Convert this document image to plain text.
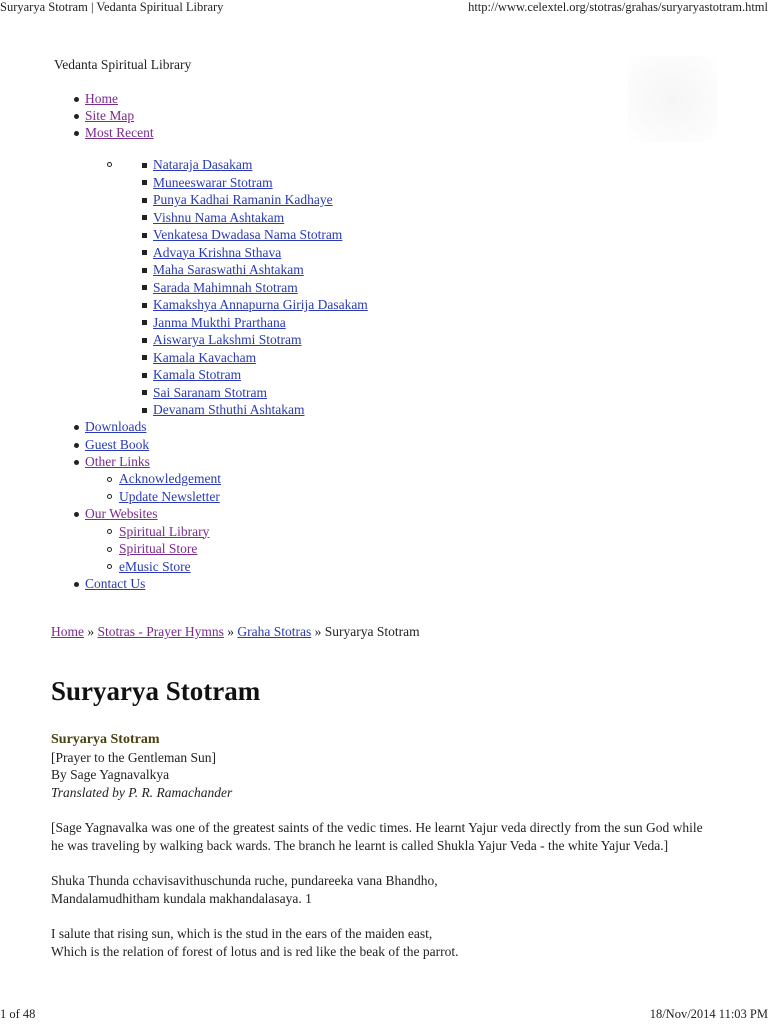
Suryarya Stotram | Vedanta Spiritual Library	http://www.celextel.org/stotras/grahas/suryaryastotram.html
Vedanta Spiritual Library
Home
Site Map
Most Recent
Nataraja Dasakam
Muneeswarar Stotram
Punya Kadhai Ramanin Kadhaye
Vishnu Nama Ashtakam
Venkatesa Dwadasa Nama Stotram
Advaya Krishna Sthava
Maha Saraswathi Ashtakam
Sarada Mahimnah Stotram
Kamakshya Annapurna Girija Dasakam
Janma Mukthi Prarthana
Aiswarya Lakshmi Stotram
Kamala Kavacham
Kamala Stotram
Sai Saranam Stotram
Devanam Sthuthi Ashtakam
Downloads
Guest Book
Other Links
Acknowledgement
Update Newsletter
Our Websites
Spiritual Library
Spiritual Store
eMusic Store
Contact Us
Home » Stotras - Prayer Hymns » Graha Stotras » Suryarya Stotram
Suryarya Stotram
Suryarya Stotram
[Prayer to the Gentleman Sun]
By Sage Yagnavalkya
Translated by P. R. Ramachander

[Sage Yagnavalka was one of the greatest saints of the vedic times. He learnt Yajur veda directly from the sun God while
he was traveling by walking back wards. The branch he learnt is called Shukla Yajur Veda - the white Yajur Veda.]

Shuka Thunda cchavisavithuschunda ruche, pundareeka vana Bhandho,
Mandalamudhitham kundala makhandalasaya. 1

I salute that rising sun, which is the stud in the ears of the maiden east,
Which is the relation of forest of lotus and is red like the beak of the parrot.

1 of 48	18/Nov/2014 11:03 PM
